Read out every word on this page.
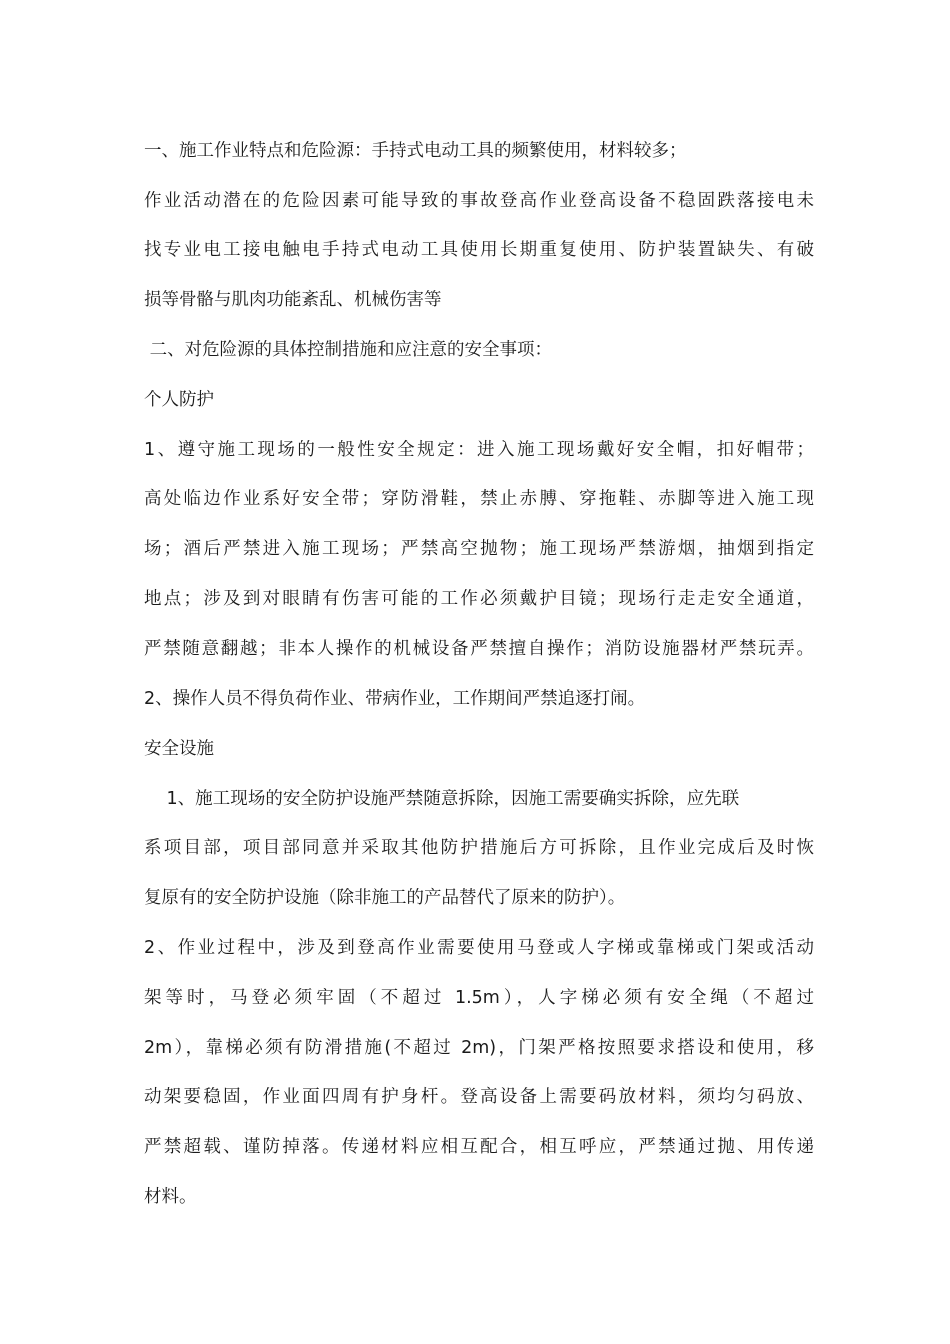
一、施工作业特点和危险源：手持式电动工具的频繁使用，材料较多；
作业活动潜在的危险因素可能导致的事故登高作业登高设备不稳固跌落接电未
找专业电工接电触电手持式电动工具使用长期重复使用、防护装置缺失、有破
损等骨骼与肌肉功能紊乱、机械伤害等
二、对危险源的具体控制措施和应注意的安全事项：
个人防护
1、遵守施工现场的一般性安全规定：进入施工现场戴好安全帽，扣好帽带；
高处临边作业系好安全带；穿防滑鞋，禁止赤膊、穿拖鞋、赤脚等进入施工现
场；酒后严禁进入施工现场；严禁高空抛物；施工现场严禁游烟，抽烟到指定
地点；涉及到对眼睛有伤害可能的工作必须戴护目镜；现场行走走安全通道，
严禁随意翻越；非本人操作的机械设备严禁擅自操作；消防设施器材严禁玩弄。
2、操作人员不得负荷作业、带病作业，工作期间严禁追逐打闹。
安全设施
1、施工现场的安全防护设施严禁随意拆除，因施工需要确实拆除，应先联
系项目部，项目部同意并采取其他防护措施后方可拆除，且作业完成后及时恢
复原有的安全防护设施（除非施工的产品替代了原来的防护）。
2、作业过程中，涉及到登高作业需要使用马登或人字梯或靠梯或门架或活动
架等时，马登必须牢固（不超过 1.5m），人字梯必须有安全绳（不超过
2m），靠梯必须有防滑措施(不超过 2m)，门架严格按照要求搭设和使用，移
动架要稳固，作业面四周有护身杆。登高设备上需要码放材料，须均匀码放、
严禁超载、谨防掉落。传递材料应相互配合，相互呼应，严禁通过抛、用传递
材料。
